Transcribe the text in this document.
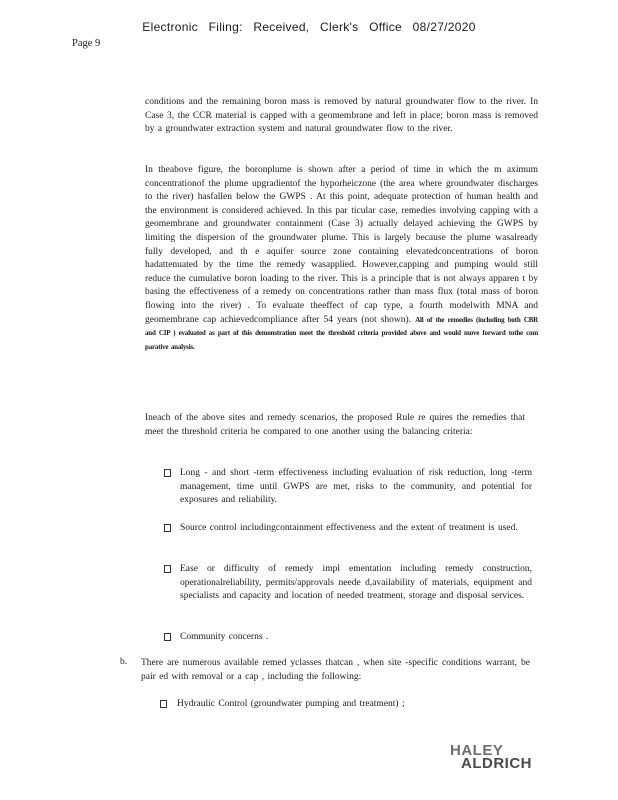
Electronic Filing: Received, Clerk's Office 08/27/2020
Page 9

conditions and the remaining boron mass is removed by natural groundwater flow to the river. In Case 3, the CCR material is capped with a geomembrane and left in place; boron mass is removed by a groundwater extraction system and natural groundwater flow to the river.

In theabove figure, the boronplume is shown after a period of time in which the m aximum concentrationof the plume upgradientof the hyporheiczone (the area where groundwater discharges to the river) hasfallen below the GWPS . At this point, adequate protection of human health and the environment is considered achieved. In this par ticular case, remedies involving capping with a geomembrane and groundwater containment (Case 3) actually delayed achieving the GWPS by limiting the dispersion of the groundwater plume. This is largely because the plume wasalready fully developed, and th e aquifer source zone containing elevatedconcentrations of boron hadattenuated by the time the remedy wasapplied. However,capping and pumping would still reduce the cumulative boron loading to the river. This is a principle that is not always apparen t by basing the effectiveness of a remedy on concentrations rather than mass flux (total mass of boron flowing into the river) . To evaluate theeffect of cap type, a fourth modelwith MNA and geomembrane cap achievedcompliance after 54 years (not shown). All of the remedies (including both CBR and CIP ) evaluated as part of this demonstration meet the threshold criteria provided above and would move forward tothe com parative analysis.

Ineach of the above sites and remedy scenarios, the proposed Rule re quires the remedies that meet the threshold criteria be compared to one another using the balancing criteria:

Long - and short -term effectiveness including evaluation of risk reduction, long -term management, time until GWPS are met, risks to the community, and potential for exposures and reliability.
Source control includingcontainment effectiveness and the extent of treatment is used.
Ease or difficulty of remedy impl ementation including remedy construction, operationalreliability, permits/approvals neede d,availability of materials, equipment and specialists and capacity and location of needed treatment, storage and disposal services.
Community concerns .
b. There are numerous available remed yclasses thatcan , when site -specific conditions warrant, be pair ed with removal or a cap , including the following:

Hydraulic Control (groundwater pumping and treatment) ;
HALEY
ALDRICH
